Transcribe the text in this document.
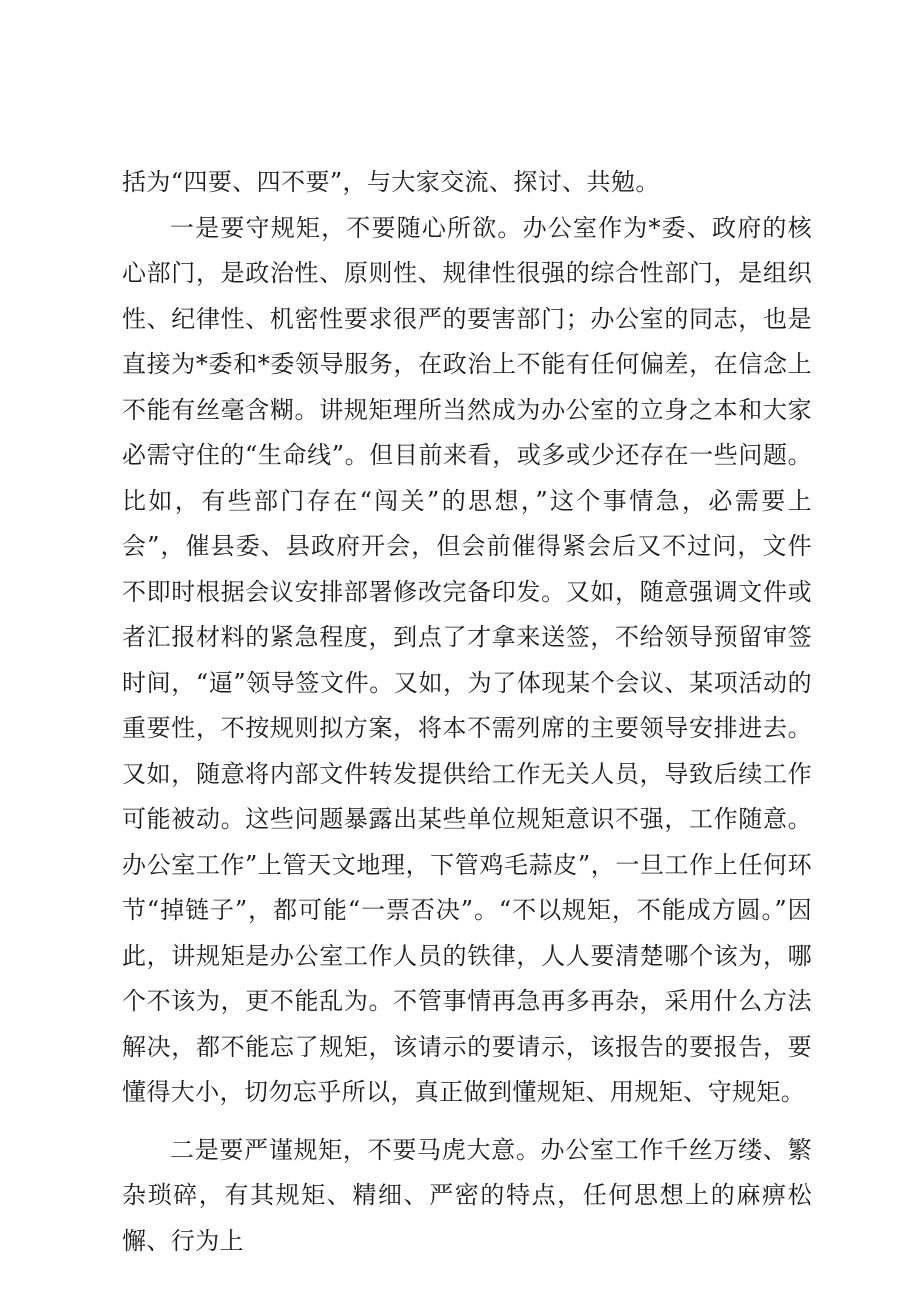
括为“四要、四不要”，与大家交流、探讨、共勉。

一是要守规矩，不要随心所欲。办公室作为*委、政府的核心部门，是政治性、原则性、规律性很强的综合性部门，是组织性、纪律性、机密性要求很严的要害部门；办公室的同志，也是直接为*委和*委领导服务，在政治上不能有任何偏差，在信念上不能有丝毫含糊。讲规矩理所当然成为办公室的立身之本和大家必需守住的“生命线”。但目前来看，或多或少还存在一些问题。比如，有些部门存在“闯关”的思想，”这个事情急，必需要上会”，催县委、县政府开会，但会前催得紧会后又不过问，文件不即时根据会议安排部署修改完备印发。又如，随意强调文件或者汇报材料的紧急程度，到点了才拿来送签，不给领导预留审签时间，“逼”领导签文件。又如，为了体现某个会议、某项活动的重要性，不按规则拟方案，将本不需列席的主要领导安排进去。又如，随意将内部文件转发提供给工作无关人员，导致后续工作可能被动。这些问题暴露出某些单位规矩意识不强，工作随意。办公室工作”上管天文地理，下管鸡毛蒜皮”，一旦工作上任何环节“掉链子”，都可能“一票否决”。“不以规矩，不能成方圆。”因此，讲规矩是办公室工作人员的铁律，人人要清楚哪个该为，哪个不该为，更不能乱为。不管事情再急再多再杂，采用什么方法解决，都不能忘了规矩，该请示的要请示，该报告的要报告，要懂得大小，切勿忘乎所以，真正做到懂规矩、用规矩、守规矩。

二是要严谨规矩，不要马虎大意。办公室工作千丝万缕、繁杂琐碎，有其规矩、精细、严密的特点，任何思想上的麻痹松懈、行为上
